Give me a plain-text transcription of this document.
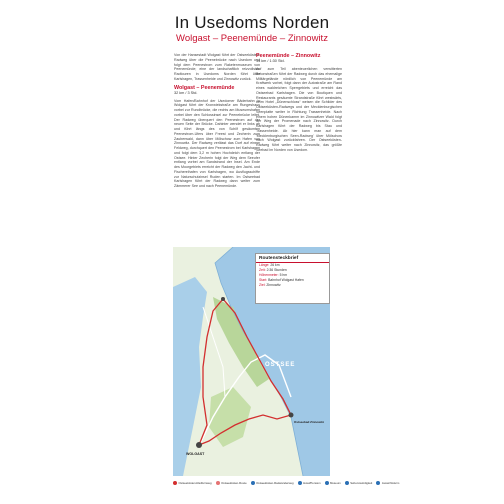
In Usedoms Norden
Wolgast – Peenemünde – Zinnowitz

Von der Hansestadt Wolgast führt der Ostseeküsten-Radweg über die Peenebrücke nach Usedom und folgt dem Peenestrom zum Raketenmuseum von Peenemünde; eine der landschaftlich reizvollsten Radtouren in Usedoms Norden führt über Karlshagen, Trassenheide und Zinnowitz zurück.

Wolgast – Peenemünde
32 km / 3 Std.

Vom Hafen/Bahnhof der Usedomer Bäderbahn in Wolgast führt der Kronwiekstraße am Rungeshaus vorbei zur Rundbrücke, die rechts am Museumshafen vorbei über den Schlossinsel zur Peenebrücke leitet. Der Radweg überquert den Peenestrom auf der neuen Seite der Brücke. Dahinter wendet er links ab und führt längs des von Schilf gesäumten Peenestrom-Ufers über Freest und Zecherin zum Zauberwald, dann über Mölschow zum Hafen von Zinnowitz. Der Radweg verlässt das Dorf auf einem Feldweg, durchquert den Peenestrom bei Karlshagen und folgt dem 3,2 m hohen Hochdeich entlang der Ostsee. Hinter Zecherin folgt der Weg dem Seeufer entlang vorbei am Sandstrand der Insel. Am Ende des Moorgebiets erreicht der Radweg den Jacht- und Fischereihafen von Karlshagen, wo Ausflugsschiffe zur Naturschutzinsel Ruden starten. Im Ostseebad Karlshagen führt der Radweg dann weiter zum Zämmerer See und nach Peenemünde.

Peenemünde – Zinnowitz
14 km / 1:30 Std.

Auf zum Teil abenteuerlichen verwitterten Betonstraßen führt der Radweg durch das ehemalige Militärgelände nördlich von Peenemünde am Kraftwerk vorbei, folgt dann der Autostraße am Rand eines waldreichen Sperrgebiets und erreicht das Ostseebad Karlshagen. Die von Boutiquen und Restaurants gesäumte Strandstraße führt westwärts, beim Hotel „Dünenschloss“ weisen die Schilder des Ostseeküsten-Radwegs und der Mecklenburgischen Seenplatte weiter in Richtung Trassenheide. Nach einem hohen Dünenkamm im Zinnowitzer Wald folgt der Weg der Promenade nach Zinnowitz. Durch Karlshagen führt der Radweg bis Stau und Trassenheide. Ab hier kann man auf dem 'Mecklenburgischen Seen-Radweg' über Mölschow nach Wolgast zurückfahren. Der Ostseeküsten-Radweg führt weiter nach Zinnowitz, das größte Seebad im Norden von Usedom.

OSTSEE
WOLGAST
Ostseebad Zinnowitz
Routensteckbrief
Länge: 26 km
Zeit: 2:36 Stunden
Höhenmeter: 5 hm
Start: Bahnhof Wolgast Hafen
Ziel: Zinnowitz
Ostseeküsten-Radfernweg	Ostseeküsten-Route	Ostseeküsten-Radwanderweg	Hotel/Pension	Museum	Sehenswürdigkeit	Aussichtsturm
